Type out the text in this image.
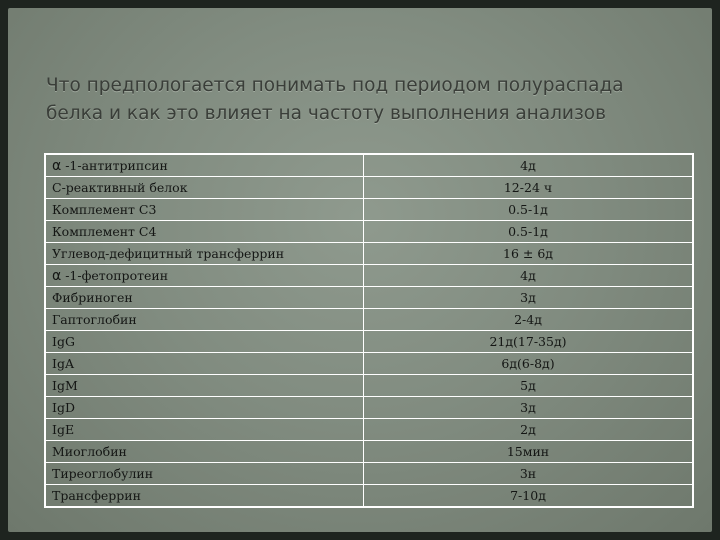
Что предпологается понимать под периодом полураспада белка и как это влияет на частоту выполнения анализов
α -1-антитрипсин	4д
С-реактивный белок	12-24 ч
Комплемент С3	0.5-1д
Комплемент С4	0.5-1д
Углевод-дефицитный трансферрин	16 ± 6д
α -1-фетопротеин	4д
Фибриноген	3д
Гаптоглобин	2-4д
IgG	21д(17-35д)
IgA	6д(6-8д)
IgM	5д
IgD	3д
IgE	2д
Миоглобин	15мин
Тиреоглобулин	3н
Трансферрин	7-10д
